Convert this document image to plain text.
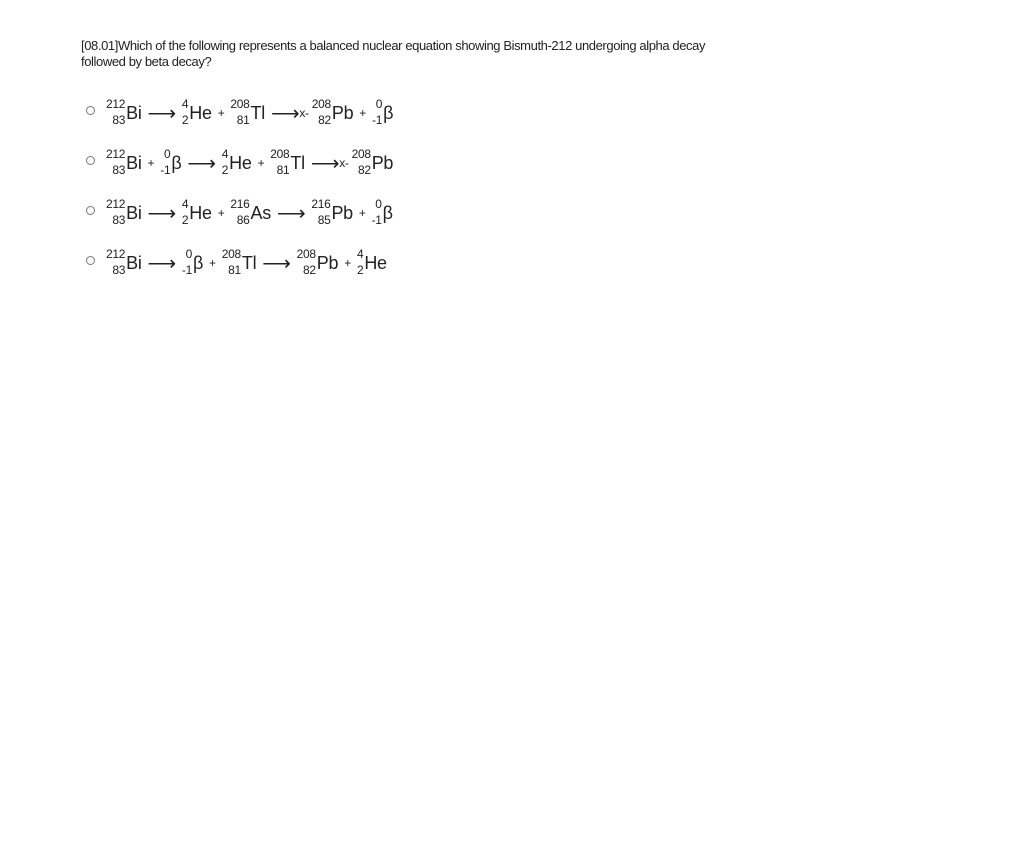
[08.01]Which of the following represents a balanced nuclear equation showing Bismuth-212 undergoing alpha decay followed by beta decay?
212
83 Bi ⟶ 4
2 He +
208
81 Tl ⟶ x-
208
82 Pb +
0
-1 β
212
83 Bi +
0
-1 β ⟶ 4
2 He +
208
81 Tl ⟶ x-
208
82 Pb
212
83 Bi ⟶ 4
2 He +
216
86 As ⟶ 216
85 Pb +
0
-1 β
212
83 Bi ⟶ 0
-1 β +
208
81 Tl ⟶ 208
82 Pb +
4
2 He
